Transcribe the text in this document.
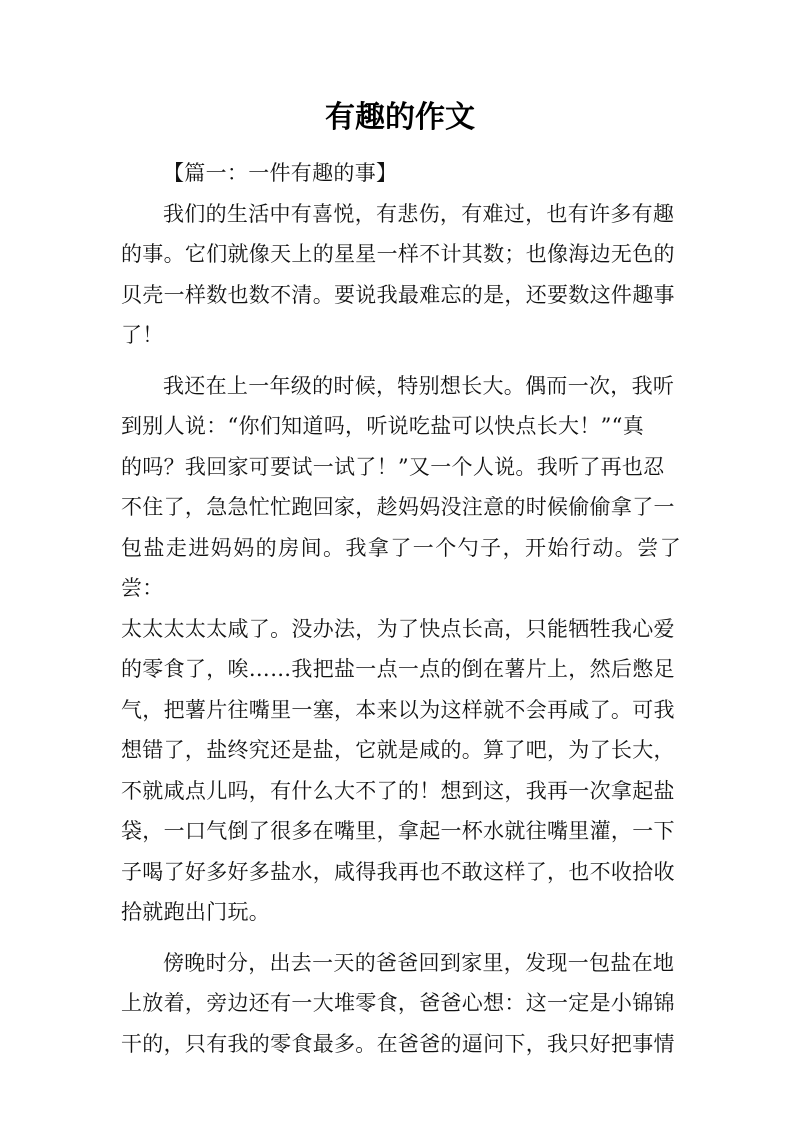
有趣的作文

【篇一：一件有趣的事】

我们的生活中有喜悦，有悲伤，有难过，也有许多有趣
的事。它们就像天上的星星一样不计其数；也像海边无色的
贝壳一样数也数不清。要说我最难忘的是，还要数这件趣事
了！

我还在上一年级的时候，特别想长大。偶而一次，我听
到别人说：“你们知道吗，听说吃盐可以快点长大！”“真
的吗？我回家可要试一试了！”又一个人说。我听了再也忍
不住了，急急忙忙跑回家，趁妈妈没注意的时候偷偷拿了一
包盐走进妈妈的房间。我拿了一个勺子，开始行动。尝了尝：
太太太太太咸了。没办法，为了快点长高，只能牺牲我心爱
的零食了，唉……我把盐一点一点的倒在薯片上，然后憋足
气，把薯片往嘴里一塞，本来以为这样就不会再咸了。可我
想错了，盐终究还是盐，它就是咸的。算了吧，为了长大，
不就咸点儿吗，有什么大不了的！想到这，我再一次拿起盐
袋，一口气倒了很多在嘴里，拿起一杯水就往嘴里灌，一下
子喝了好多好多盐水，咸得我再也不敢这样了，也不收拾收
拾就跑出门玩。

傍晚时分，出去一天的爸爸回到家里，发现一包盐在地
上放着，旁边还有一大堆零食，爸爸心想：这一定是小锦锦
干的，只有我的零食最多。在爸爸的逼问下，我只好把事情
